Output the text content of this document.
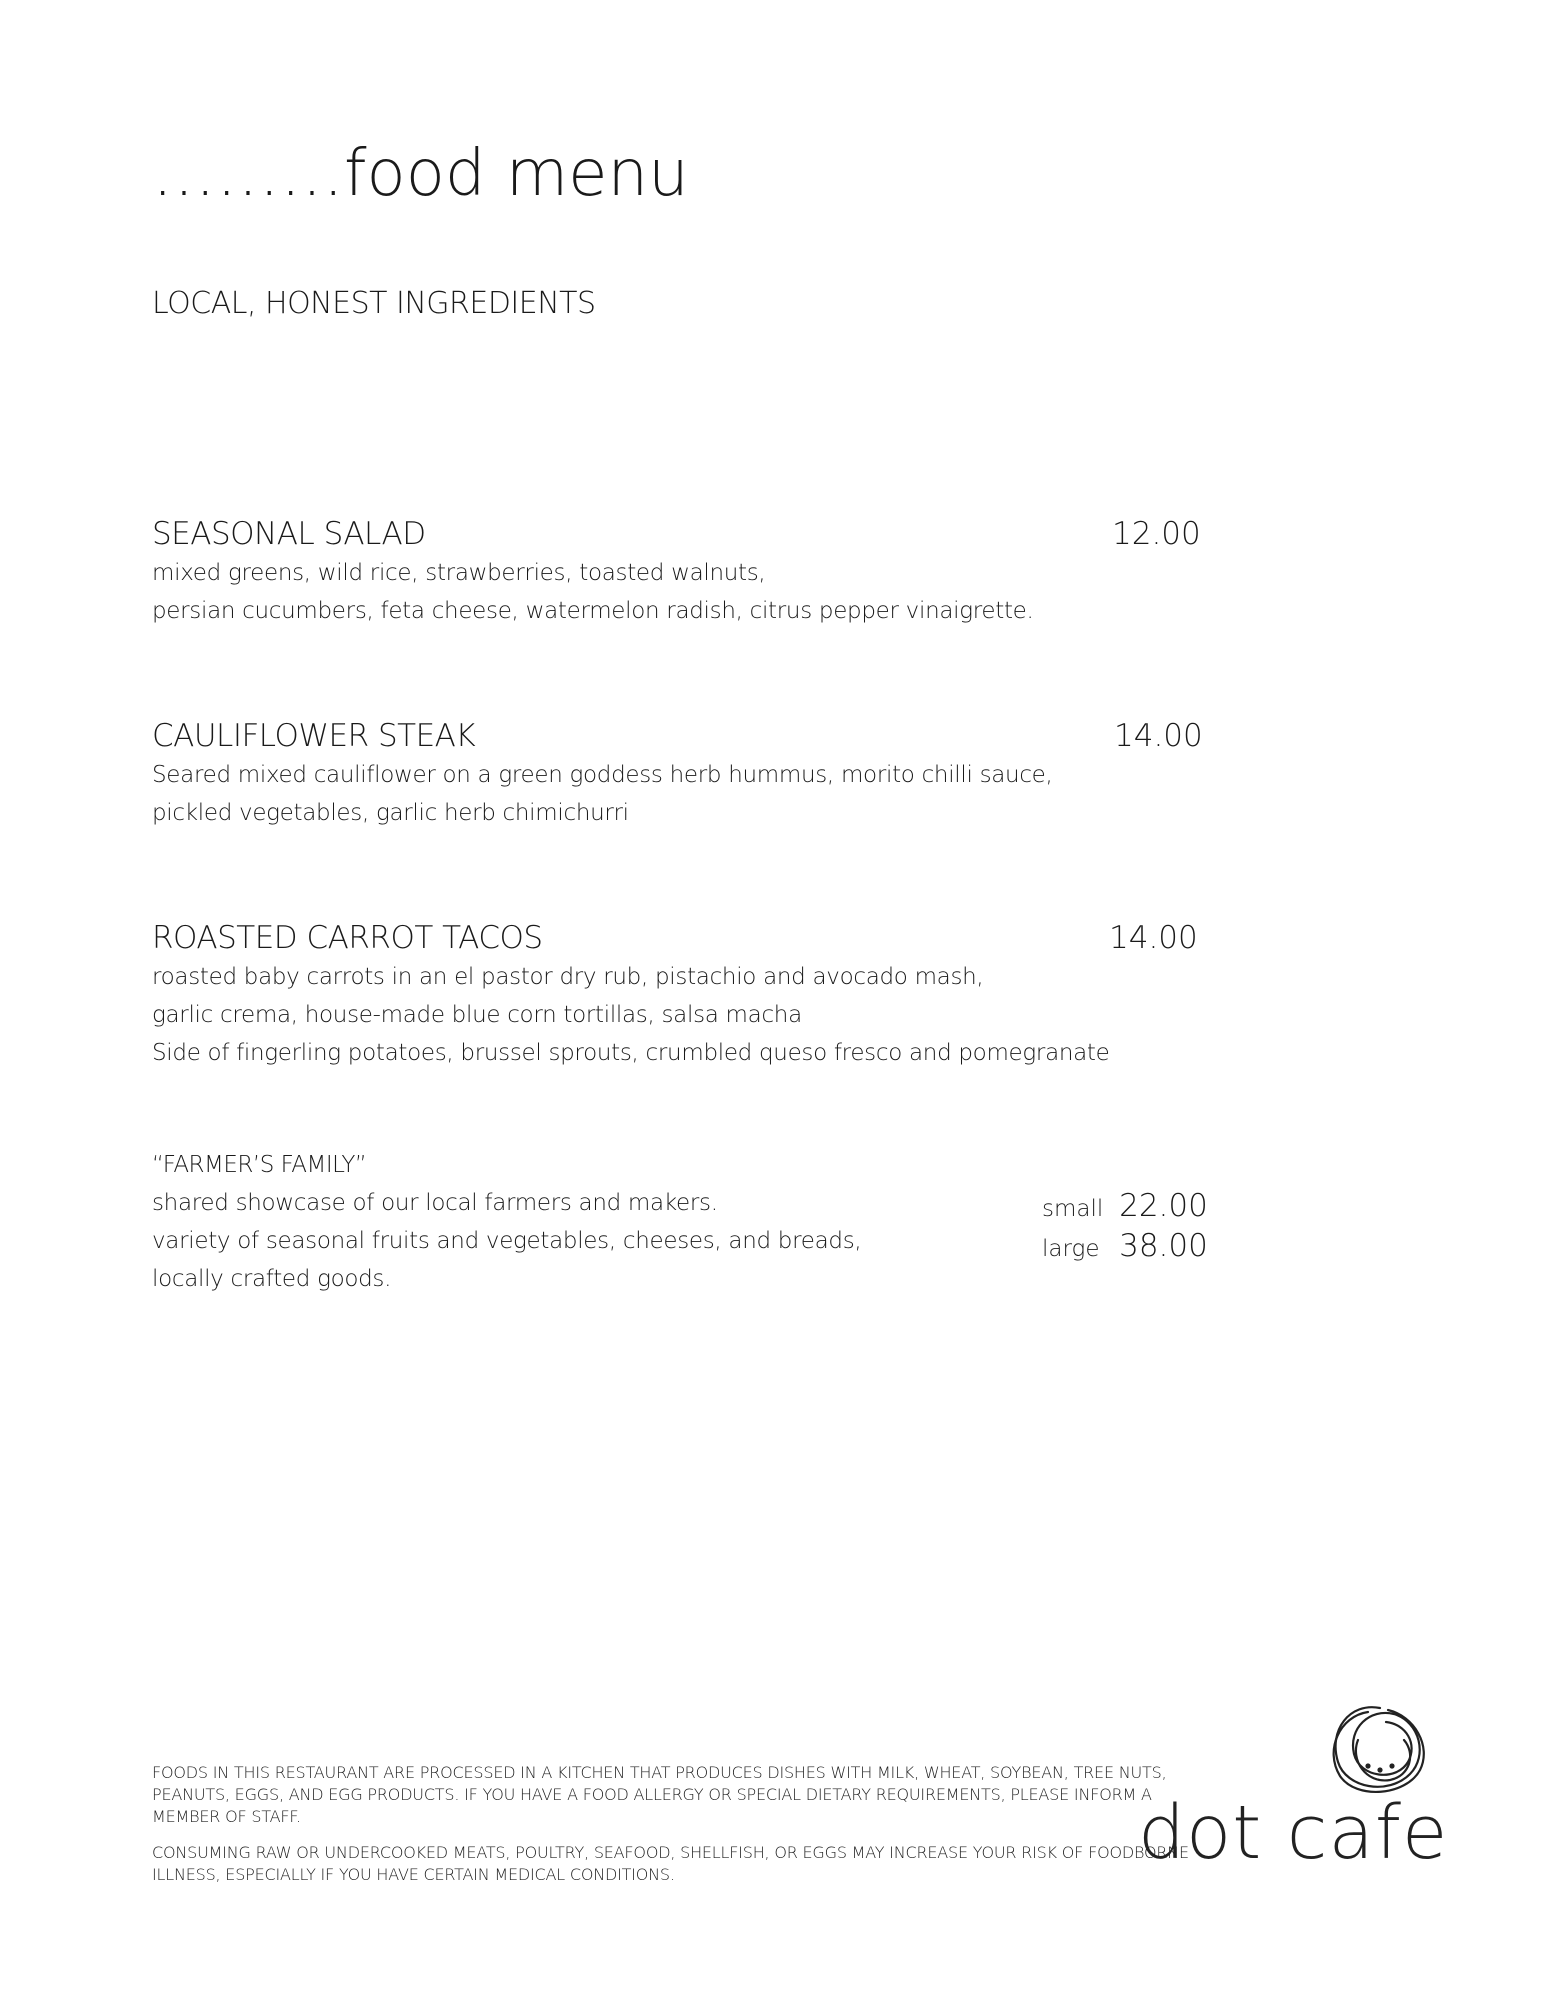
………food menu

LOCAL, HONEST INGREDIENTS

SEASONAL SALAD	12.00

mixed greens, wild rice, strawberries, toasted walnuts,

persian cucumbers, feta cheese, watermelon radish, citrus pepper vinaigrette.

CAULIFLOWER STEAK	14.00

Seared mixed cauliflower on a green goddess herb hummus, morito chilli sauce,

pickled vegetables, garlic herb chimichurri

ROASTED CARROT TACOS	14.00

roasted baby carrots in an el pastor dry rub, pistachio and avocado mash,

garlic crema, house-made blue corn tortillas, salsa macha

Side of fingerling potatoes, brussel sprouts, crumbled queso fresco and pomegranate

“FARMER’S FAMILY”

shared showcase of our local farmers and makers.

variety of seasonal fruits and vegetables, cheeses, and breads,

locally crafted goods.

small 22.00
large 38.00

FOODS IN THIS RESTAURANT ARE PROCESSED IN A KITCHEN THAT PRODUCES DISHES WITH MILK, WHEAT, SOYBEAN, TREE NUTS, PEANUTS, EGGS, AND EGG PRODUCTS. IF YOU HAVE A FOOD ALLERGY OR SPECIAL DIETARY REQUIREMENTS, PLEASE INFORM A MEMBER OF STAFF.

CONSUMING RAW OR UNDERCOOKED MEATS, POULTRY, SEAFOOD, SHELLFISH, OR EGGS MAY INCREASE YOUR RISK OF FOODBORNE ILLNESS, ESPECIALLY IF YOU HAVE CERTAIN MEDICAL CONDITIONS.	dot cafe
